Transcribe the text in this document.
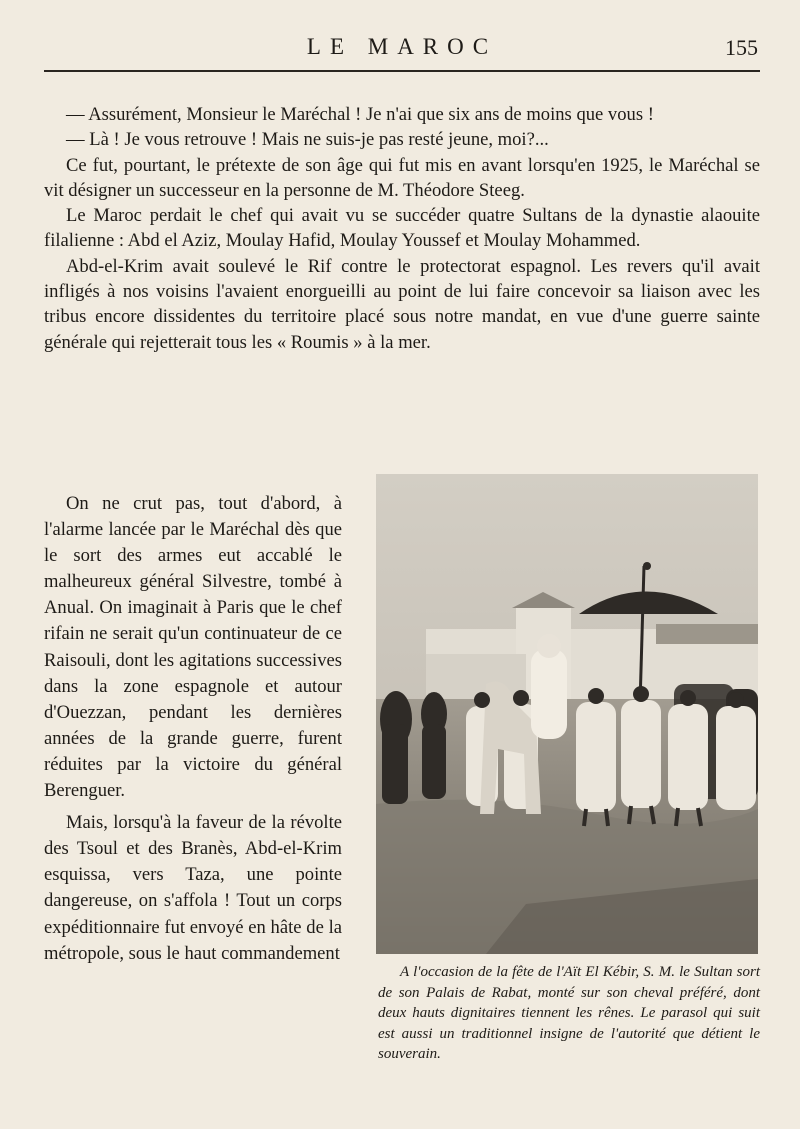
LE MAROC	155

— Assurément, Monsieur le Maréchal ! Je n'ai que six ans de moins que vous !

— Là ! Je vous retrouve ! Mais ne suis-je pas resté jeune, moi?...

Ce fut, pourtant, le prétexte de son âge qui fut mis en avant lorsqu'en 1925, le Maréchal se vit désigner un successeur en la personne de M. Théodore Steeg.

Le Maroc perdait le chef qui avait vu se succéder quatre Sultans de la dynastie alaouite filalienne : Abd el Aziz, Moulay Hafid, Moulay Youssef et Moulay Mohammed.

Abd-el-Krim avait soulevé le Rif contre le protectorat espagnol. Les revers qu'il avait infligés à nos voisins l'avaient enorgueilli au point de lui faire concevoir sa liaison avec les tribus encore dissidentes du territoire placé sous notre mandat, en vue d'une guerre sainte générale qui rejetterait tous les « Roumis » à la mer.

On ne crut pas, tout d'abord, à l'alarme lancée par le Maréchal dès que le sort des armes eut accablé le malheureux général Silvestre, tombé à Anual. On imaginait à Paris que le chef rifain ne serait qu'un continuateur de ce Raisouli, dont les agitations successives dans la zone espagnole et autour d'Ouezzan, pendant les dernières années de la grande guerre, furent réduites par la victoire du général Berenguer.

Mais, lorsqu'à la faveur de la révolte des Tsoul et des Branès, Abd-el-Krim esquissa, vers Taza, une pointe dangereuse, on s'affola ! Tout un corps expéditionnaire fut envoyé en hâte de la métropole, sous le haut commandement

A l'occasion de la fête de l'Aït El Kébir, S. M. le Sultan sort de son Palais de Rabat, monté sur son cheval préféré, dont deux hauts dignitaires tiennent les rênes. Le parasol qui suit est aussi un traditionnel insigne de l'autorité que détient le souverain.
